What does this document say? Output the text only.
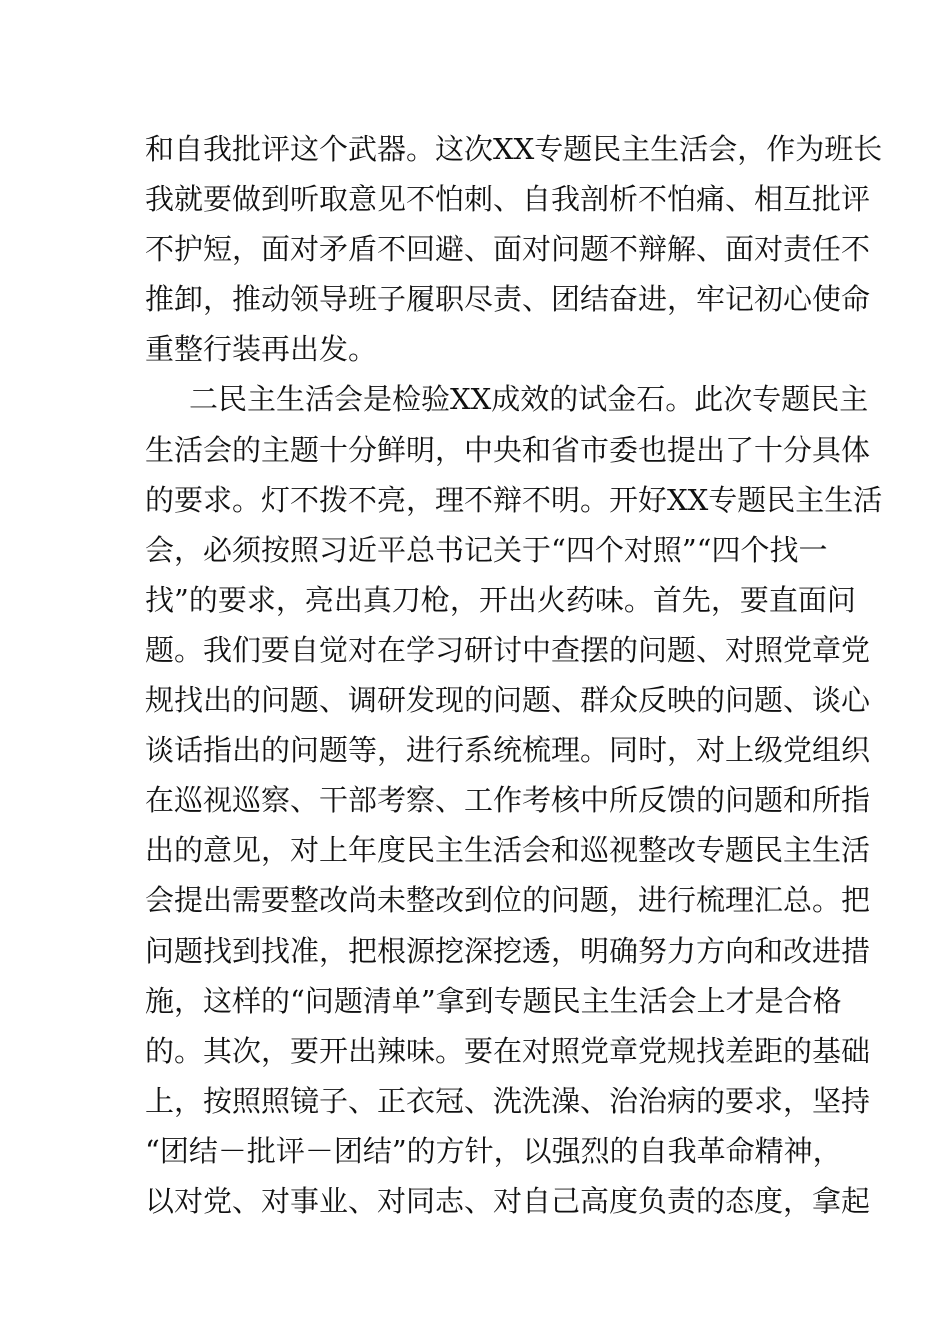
和自我批评这个武器。这次XX专题民主生活会，作为班长
我就要做到听取意见不怕刺、自我剖析不怕痛、相互批评
不护短，面对矛盾不回避、面对问题不辩解、面对责任不
推卸，推动领导班子履职尽责、团结奋进，牢记初心使命
重整行装再出发。
二民主生活会是检验XX成效的试金石。此次专题民主
生活会的主题十分鲜明，中央和省市委也提出了十分具体
的要求。灯不拨不亮，理不辩不明。开好XX专题民主生活
会，必须按照习近平总书记关于“四个对照”“四个找一
找”的要求，亮出真刀枪，开出火药味。首先，要直面问
题。我们要自觉对在学习研讨中查摆的问题、对照党章党
规找出的问题、调研发现的问题、群众反映的问题、谈心
谈话指出的问题等，进行系统梳理。同时，对上级党组织
在巡视巡察、干部考察、工作考核中所反馈的问题和所指
出的意见，对上年度民主生活会和巡视整改专题民主生活
会提出需要整改尚未整改到位的问题，进行梳理汇总。把
问题找到找准，把根源挖深挖透，明确努力方向和改进措
施，这样的“问题清单”拿到专题民主生活会上才是合格
的。其次，要开出辣味。要在对照党章党规找差距的基础
上，按照照镜子、正衣冠、洗洗澡、治治病的要求，坚持
“团结－批评－团结”的方针，以强烈的自我革命精神，
以对党、对事业、对同志、对自己高度负责的态度，拿起
